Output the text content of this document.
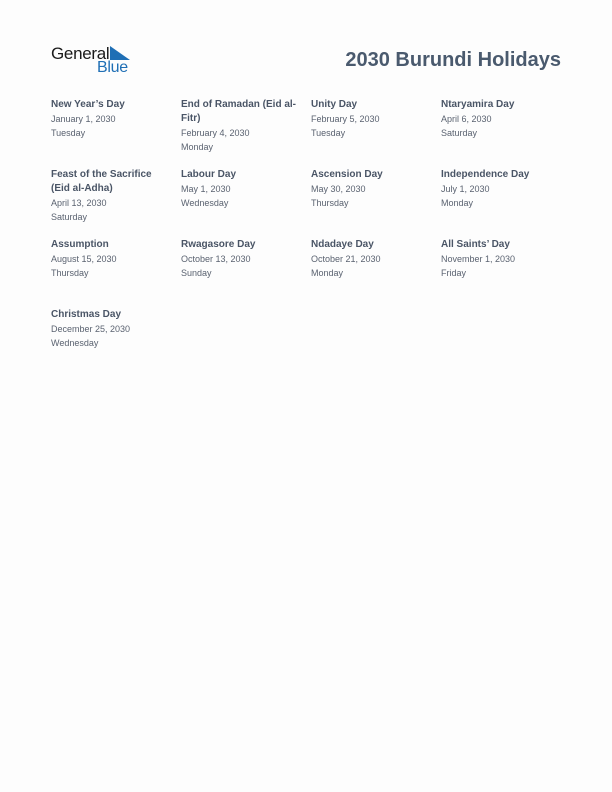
General
Blue	2030 Burundi Holidays
New Year’s Day
January 1, 2030
Tuesday
End of Ramadan (Eid al-Fitr)
February 4, 2030
Monday
Unity Day
February 5, 2030
Tuesday
Ntaryamira Day
April 6, 2030
Saturday
Feast of the Sacrifice (Eid al-Adha)
April 13, 2030
Saturday
Labour Day
May 1, 2030
Wednesday
Ascension Day
May 30, 2030
Thursday
Independence Day
July 1, 2030
Monday
Assumption
August 15, 2030
Thursday
Rwagasore Day
October 13, 2030
Sunday
Ndadaye Day
October 21, 2030
Monday
All Saints’ Day
November 1, 2030
Friday
Christmas Day
December 25, 2030
Wednesday
